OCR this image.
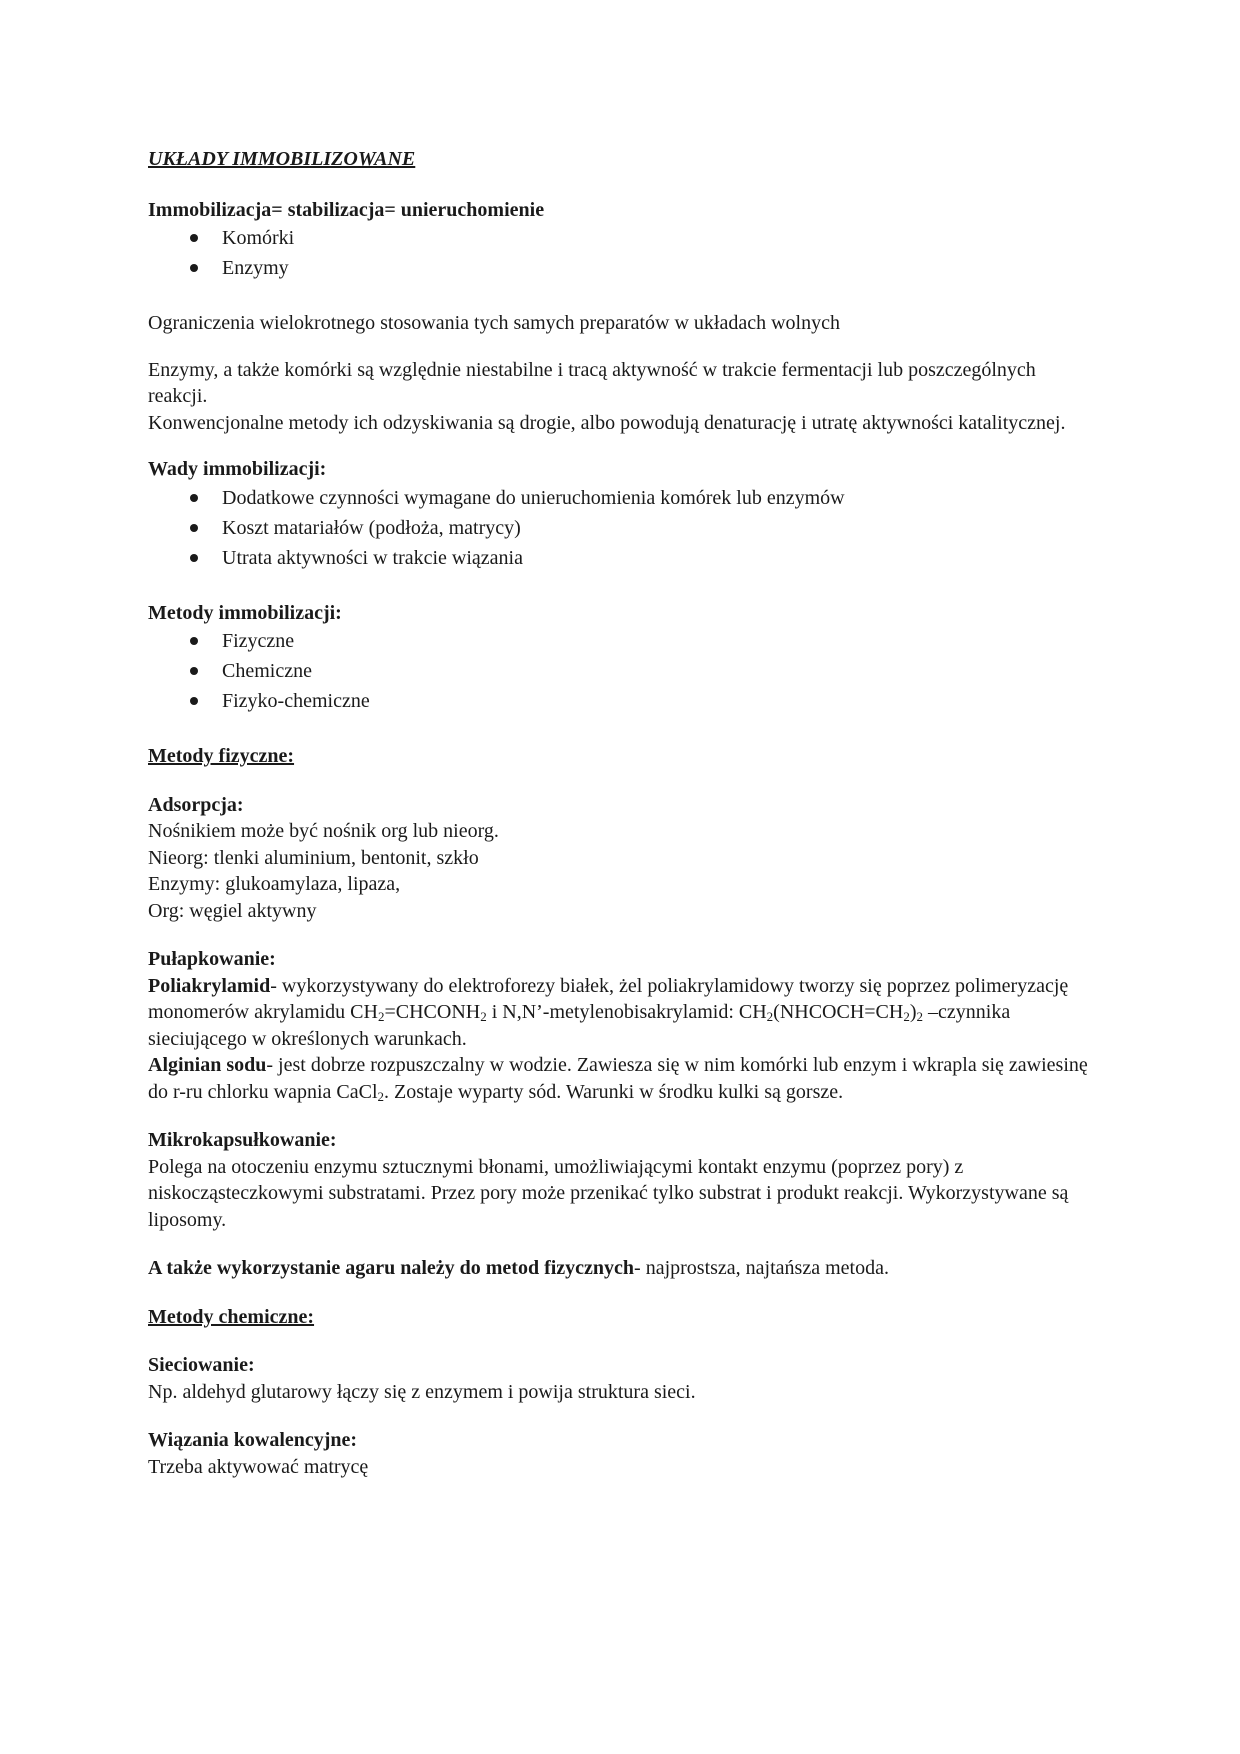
UKŁADY IMMOBILIZOWANE

Immobilizacja= stabilizacja= unieruchomienie

Komórki
Enzymy

Ograniczenia wielokrotnego stosowania tych samych preparatów w układach wolnych

Enzymy, a także komórki są względnie niestabilne i tracą aktywność w trakcie fermentacji lub poszczególnych reakcji.

Konwencjonalne metody ich odzyskiwania są drogie, albo powodują denaturację i utratę aktywności katalitycznej.

Wady immobilizacji:

Dodatkowe czynności wymagane do unieruchomienia komórek lub enzymów
Koszt matariałów (podłoża, matrycy)
Utrata aktywności w trakcie wiązania

Metody immobilizacji:

Fizyczne
Chemiczne
Fizyko-chemiczne

Metody fizyczne:

Adsorpcja:

Nośnikiem może być nośnik org lub nieorg.

Nieorg: tlenki aluminium, bentonit, szkło

Enzymy: glukoamylaza, lipaza,

Org: węgiel aktywny

Pułapkowanie:

Poliakrylamid- wykorzystywany do elektroforezy białek, żel poliakrylamidowy tworzy się poprzez polimeryzację monomerów akrylamidu $CH_2=CHCONH_2$ i N,N’-metylenobisakrylamid: $CH_2(NHCOCH=CH_2)_2$ –czynnika sieciującego w określonych warunkach.

Alginian sodu- jest dobrze rozpuszczalny w wodzie. Zawiesza się w nim komórki lub enzym i wkrapla się zawiesinę do r-ru chlorku wapnia CaCl$_2$. Zostaje wyparty sód. Warunki w środku kulki są gorsze.

Mikrokapsułkowanie:

Polega na otoczeniu enzymu sztucznymi błonami, umożliwiającymi kontakt enzymu (poprzez pory) z niskocząsteczkowymi substratami. Przez pory może przenikać tylko substrat i produkt reakcji. Wykorzystywane są liposomy.

A także wykorzystanie agaru należy do metod fizycznych- najprostsza, najtańsza metoda.

Metody chemiczne:

Sieciowanie:

Np. aldehyd glutarowy łączy się z enzymem i powija struktura sieci.

Wiązania kowalencyjne:

Trzeba aktywować matrycę
